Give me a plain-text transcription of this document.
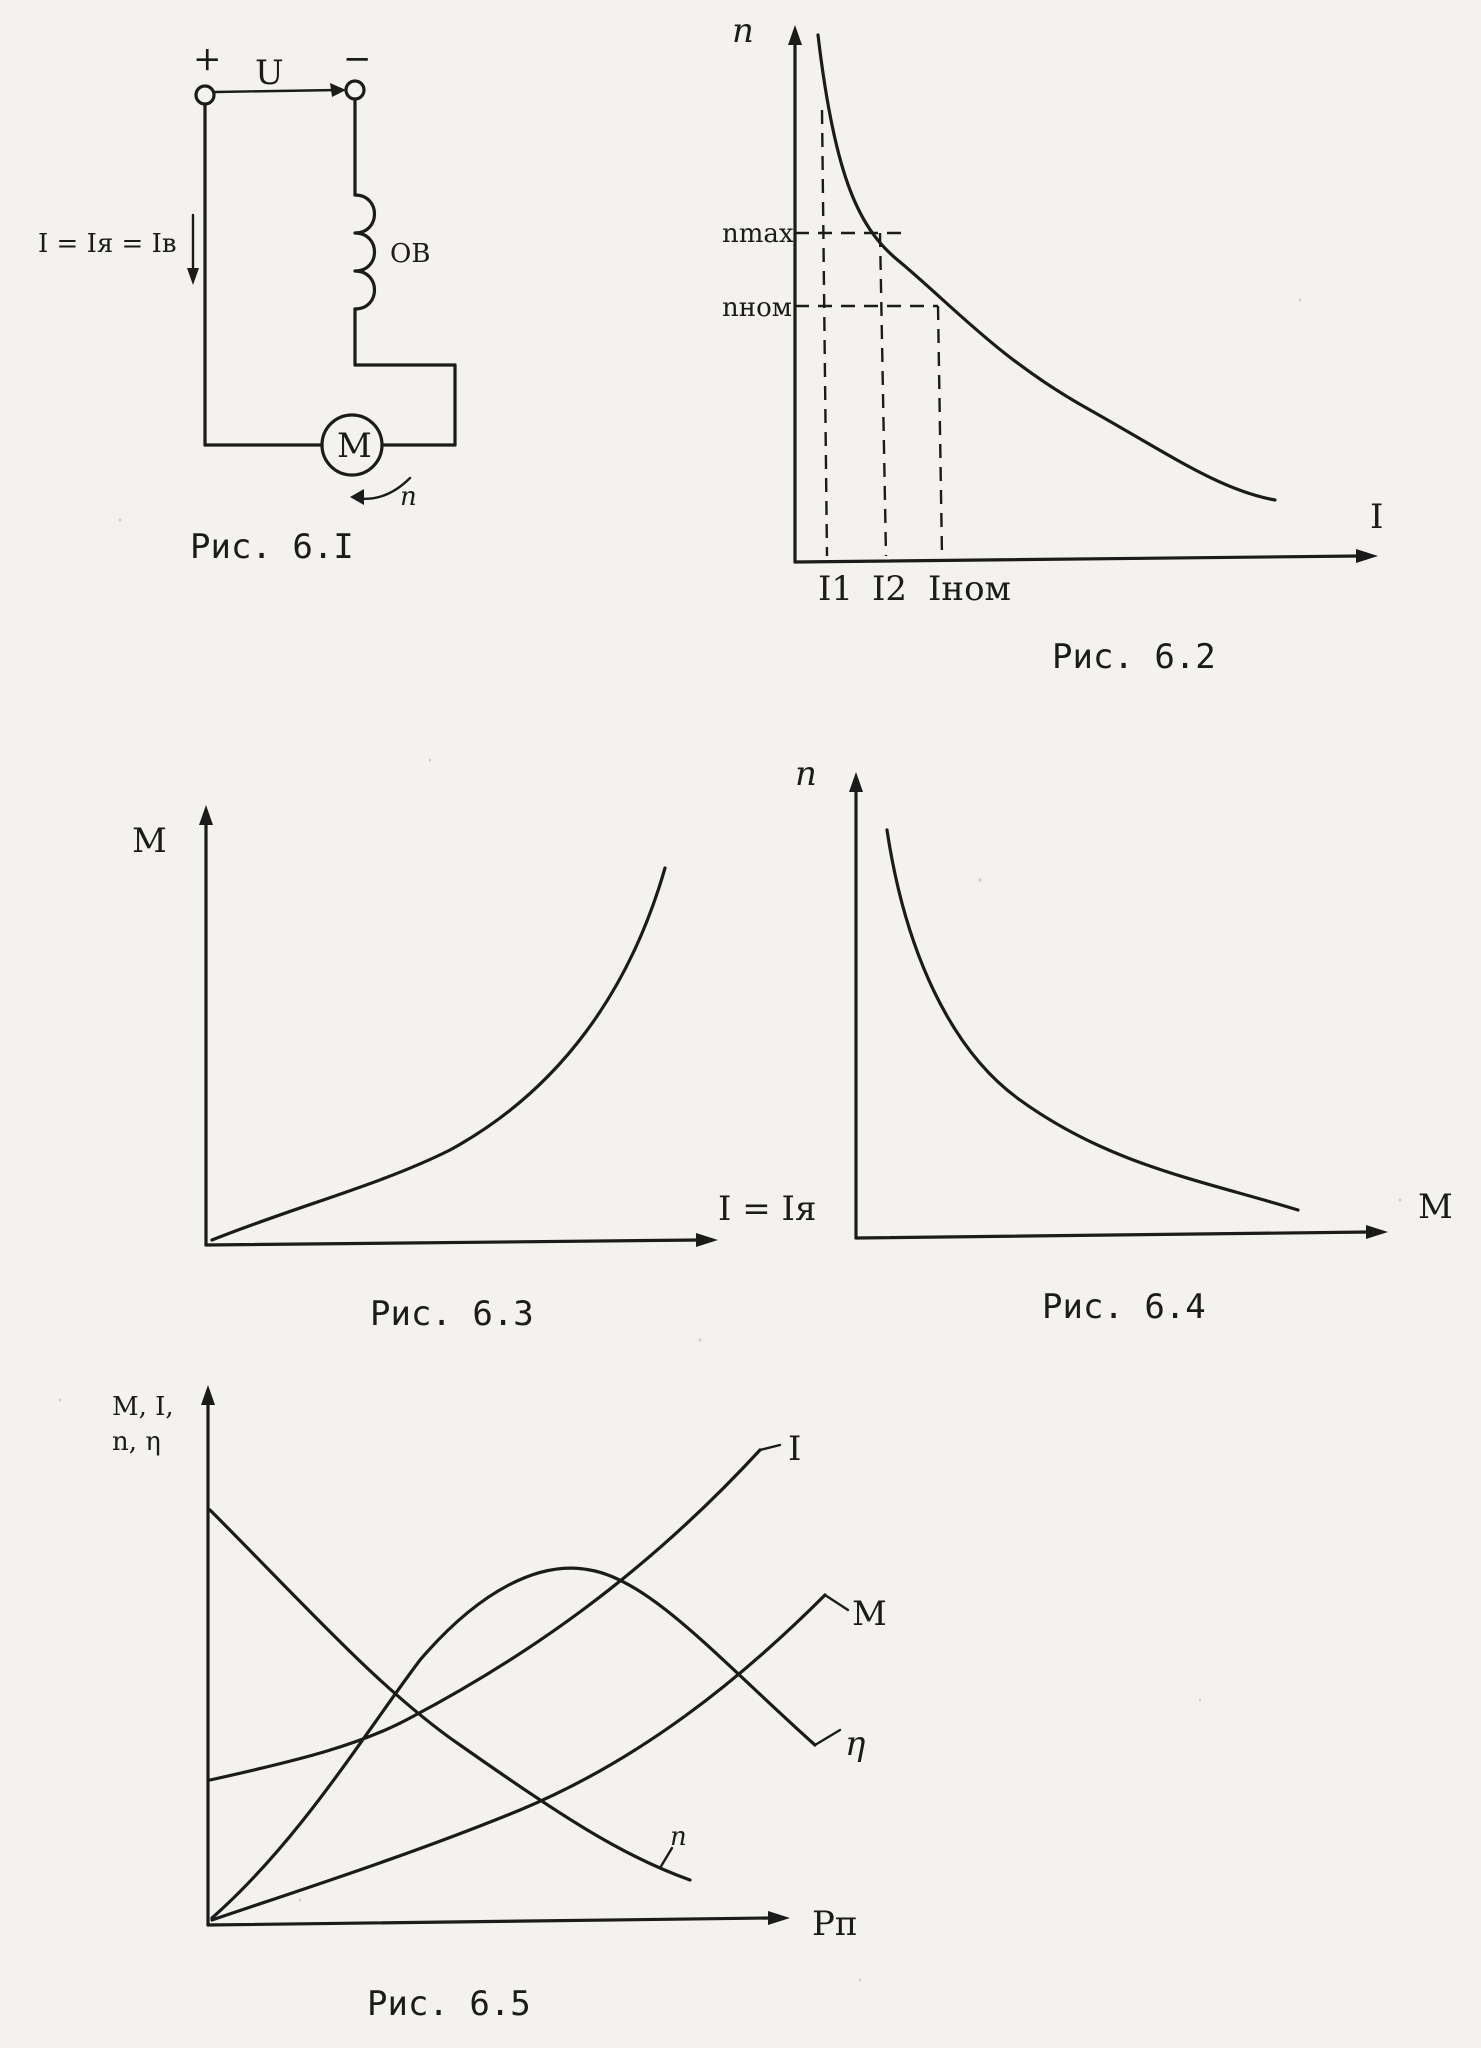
+	−
U
I = Iя = Iв	OB
M
n
Рис. 6.I
n
I
nmax
nном
I1 I2 Iном
Рис. 6.2
M
I = Iя
Рис. 6.3
n
M
Рис. 6.4
M, I,
n, η
Pп
I
M
η
n
Рис. 6.5
